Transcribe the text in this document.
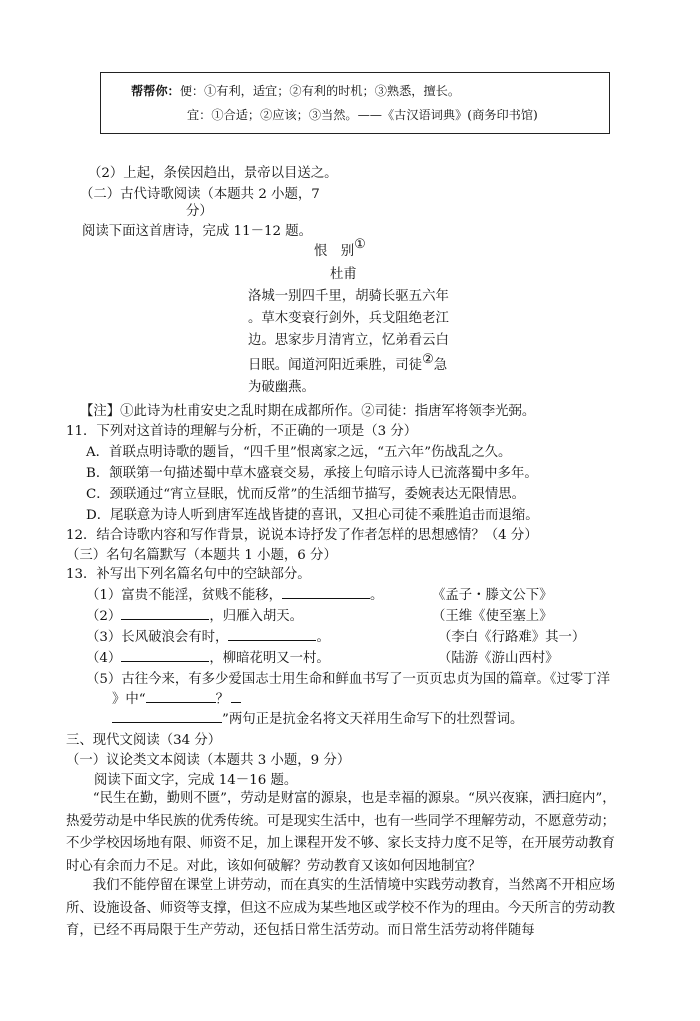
帮帮你：便：①有利，适宜；②有利的时机；③熟悉，擅长。
宜：①合适；②应该；③当然。——《古汉语词典》(商务印书馆)
（2）上起，条侯因趋出，景帝以目送之。
（二）古代诗歌阅读（本题共 2 小题，7
分）
阅读下面这首唐诗，完成 11－12 题。
恨　别①
杜甫
洛城一别四千里，胡骑长驱五六年
。草木变衰行剑外，兵戈阻绝老江
边。思家步月清宵立，忆弟看云白
日眠。闻道河阳近乘胜，司徒②急
为破幽燕。
【注】①此诗为杜甫安史之乱时期在成都所作。②司徒：指唐军将领李光弼。
11．下列对这首诗的理解与分析，不正确的一项是（3 分）
A．首联点明诗歌的题旨，“四千里”恨离家之远，“五六年”伤战乱之久。
B．颔联第一句描述蜀中草木盛衰交易，承接上句暗示诗人已流落蜀中多年。
C．颈联通过“宵立昼眠，忧而反常”的生活细节描写，委婉表达无限情思。
D．尾联意为诗人听到唐军连战皆捷的喜讯，又担心司徒不乘胜追击而退缩。
12．结合诗歌内容和写作背景，说说本诗抒发了作者怎样的思想感情？（4 分）
（三）名句名篇默写（本题共 1 小题，6 分）
13．补写出下列名篇名句中的空缺部分。
（1）富贵不能淫，贫贱不能移，	。	《孟子・滕文公下》
（2）	，归雁入胡天。	（王维《使至塞上》
（3）长风破浪会有时，	。	（李白《行路难》其一）
（4）	，柳暗花明又一村。	（陆游《游山西村》
（5）古往今来，有多少爱国志士用生命和鲜血书写了一页页忠贞为国的篇章。《过零丁洋
》中“	？
”两句正是抗金名将文天祥用生命写下的壮烈誓词。
三、现代文阅读（34 分）
（一）议论类文本阅读（本题共 3 小题，9 分）
阅读下面文字，完成 14－16 题。
“民生在勤，勤则不匮”，劳动是财富的源泉，也是幸福的源泉。“夙兴夜寐，洒扫庭内”，热爱劳动是中华民族的优秀传统。可是现实生活中，也有一些同学不理解劳动，不愿意劳动；不少学校因场地有限、师资不足，加上课程开发不够、家长支持力度不足等，在开展劳动教育时心有余而力不足。对此，该如何破解？劳动教育又该如何因地制宜？
我们不能停留在课堂上讲劳动，而在真实的生活情境中实践劳动教育，当然离不开相应场所、设施设备、师资等支撑，但这不应成为某些地区或学校不作为的理由。今天所言的劳动教育，已经不再局限于生产劳动，还包括日常生活劳动。而日常生活劳动将伴随每
